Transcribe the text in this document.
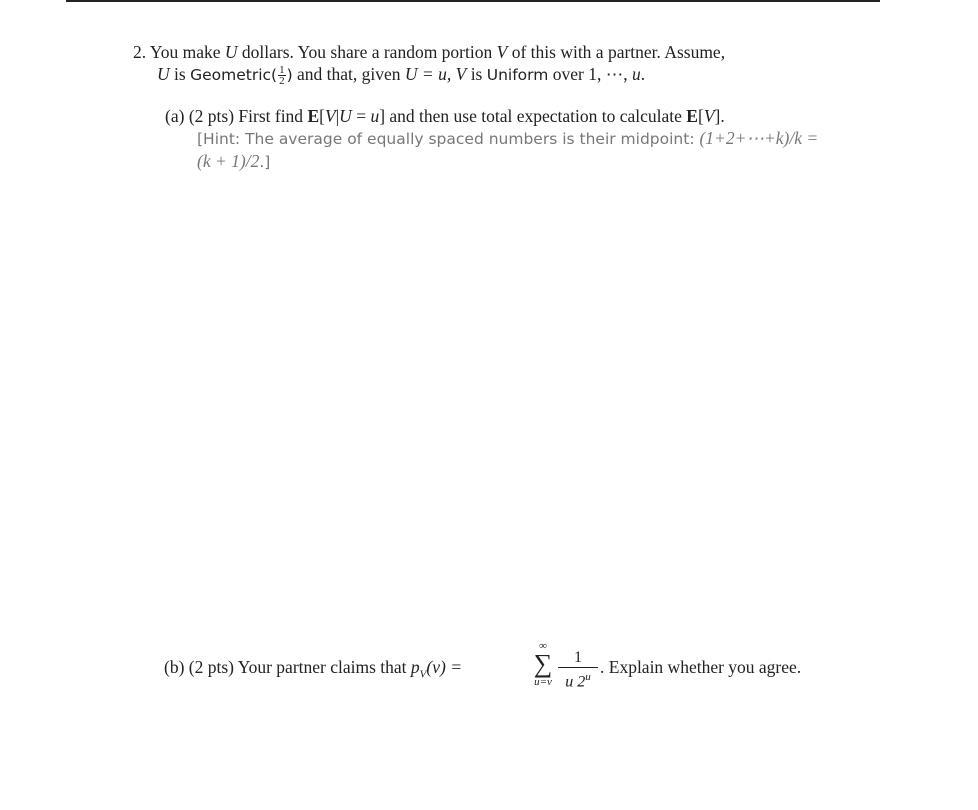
2. You make U dollars. You share a random portion V of this with a partner. Assume,
U is Geometric( $\frac{1}{2}$ ) and that, given U = u, V is Uniform over 1, ⋯, u.
(a) (2 pts) First find E[V|U = u] and then use total expectation to calculate E[V].
[Hint: The average of equally spaced numbers is their midpoint: (1+2+⋯+k)/k =
(k + 1)/2.]
(b) (2 pts) Your partner claims that $p_V(v)$ =
∞
∑
$u=v \frac{1}{u 2^u}$ . Explain whether you agree.
